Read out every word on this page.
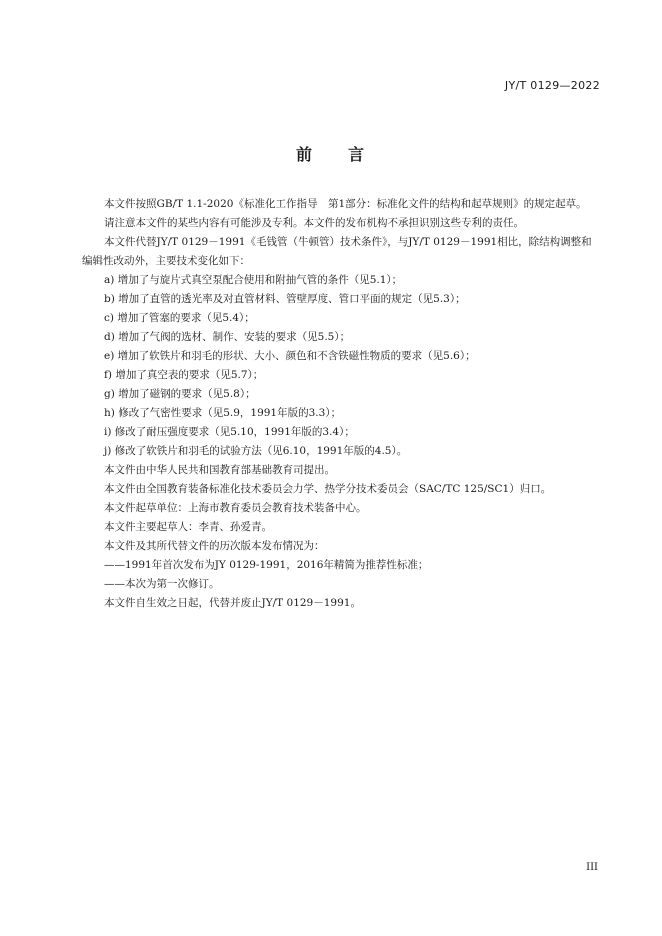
JY/T 0129—2022
前 言

本文件按照GB/T 1.1-2020《标准化工作指导　第1部分：标准化文件的结构和起草规则》的规定起草。

请注意本文件的某些内容有可能涉及专利。本文件的发布机构不承担识别这些专利的责任。

本文件代替JY/T 0129－1991《毛钱管（牛顿管）技术条件》，与JY/T 0129－1991相比，除结构调整和编辑性改动外，主要技术变化如下：

a) 增加了与旋片式真空泵配合使用和附抽气管的条件（见5.1）；
b) 增加了直管的透光率及对直管材料、管壁厚度、管口平面的规定（见5.3）；
c) 增加了管塞的要求（见5.4）；
d) 增加了气阀的选材、制作、安装的要求（见5.5）；
e) 增加了软铁片和羽毛的形状、大小、颜色和不含铁磁性物质的要求（见5.6）；
f) 增加了真空表的要求（见5.7）；
g) 增加了磁钢的要求（见5.8）；
h) 修改了气密性要求（见5.9，1991年版的3.3）；
i) 修改了耐压强度要求（见5.10，1991年版的3.4）；
j) 修改了软铁片和羽毛的试验方法（见6.10，1991年版的4.5）。

本文件由中华人民共和国教育部基础教育司提出。

本文件由全国教育装备标准化技术委员会力学、热学分技术委员会（SAC/TC 125/SC1）归口。

本文件起草单位：上海市教育委员会教育技术装备中心。

本文件主要起草人：李青、孙爱青。

本文件及其所代替文件的历次版本发布情况为：

——1991年首次发布为JY 0129-1991，2016年精简为推荐性标准；

——本次为第一次修订。

本文件自生效之日起，代替并废止JY/T 0129－1991。

III
